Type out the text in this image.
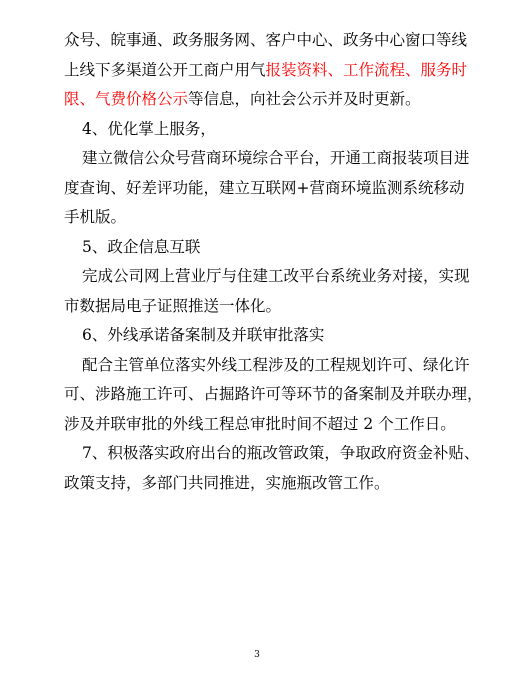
众号、皖事通、政务服务网、客户中心、政务中心窗口等线
上线下多渠道公开工商户用气报装资料、工作流程、服务时
限、气费价格公示等信息，向社会公示并及时更新。

4、优化掌上服务，

建立微信公众号营商环境综合平台，开通工商报装项目进
度查询、好差评功能，建立互联网+营商环境监测系统移动
手机版。

5、政企信息互联

完成公司网上营业厅与住建工改平台系统业务对接，实现
市数据局电子证照推送一体化。

6、外线承诺备案制及并联审批落实

配合主管单位落实外线工程涉及的工程规划许可、绿化许
可、涉路施工许可、占掘路许可等环节的备案制及并联办理，
涉及并联审批的外线工程总审批时间不超过 2 个工作日。

7、积极落实政府出台的瓶改管政策，争取政府资金补贴、
政策支持，多部门共同推进，实施瓶改管工作。

3
